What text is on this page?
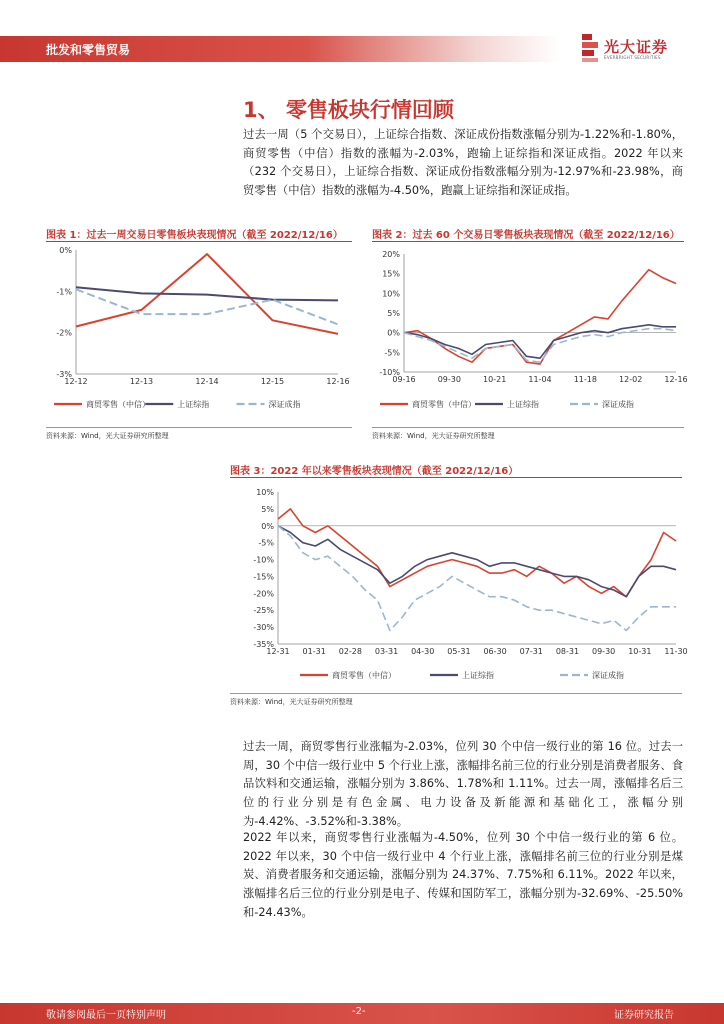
批发和零售贸易	光大证券
EVERBRIGHT SECURITIES
1、 零售板块行情回顾
过去一周（5 个交易日），上证综合指数、深证成份指数涨幅分别为-1.22%和-1.80%，商贸零售（中信）指数的涨幅为-2.03%，跑输上证综指和深证成指。2022 年以来（232 个交易日），上证综合指数、深证成份指数涨幅分别为-12.97%和-23.98%，商贸零售（中信）指数的涨幅为-4.50%，跑赢上证综指和深证成指。
图表 1：过去一周交易日零售板块表现情况（截至 2022/12/16）
0%
-1%
-2%
-3%
12-12	12-13	12-14	12-15	12-16
商贸零售（中信）	上证综指	深证成指
资料来源：Wind，光大证券研究所整理
图表 2：过去 60 个交易日零售板块表现情况（截至 2022/12/16）
20%
15%
10%
5%
0%
-5%
-10%
09-16	09-30	10-21	11-04	11-18	12-02	12-16
商贸零售（中信）	上证综指	深证成指
资料来源：Wind，光大证券研究所整理
图表 3：2022 年以来零售板块表现情况（截至 2022/12/16）
10%
5%
0%
-5%
-10%
-15%
-20%
-25%
-30%
-35%
12-31 01-31 02-28 03-31 04-30 05-31 06-30 07-31 08-31 09-30 10-31 11-30
商贸零售（中信）	上证综指	深证成指
资料来源：Wind，光大证券研究所整理
过去一周，商贸零售行业涨幅为-2.03%，位列 30 个中信一级行业的第 16 位。过去一周，30 个中信一级行业中 5 个行业上涨，涨幅排名前三位的行业分别是消费者服务、食品饮料和交通运输，涨幅分别为 3.86%、1.78%和 1.11%。过去一周，涨幅排名后三位的行业分别是有色金属、电力设备及新能源和基础化工，涨幅分别为-4.42%、-3.52%和-3.38%。
2022 年以来，商贸零售行业涨幅为-4.50%，位列 30 个中信一级行业的第 6 位。2022 年以来，30 个中信一级行业中 4 个行业上涨，涨幅排名前三位的行业分别是煤炭、消费者服务和交通运输，涨幅分别为 24.37%、7.75%和 6.11%。2022 年以来，涨幅排名后三位的行业分别是电子、传媒和国防军工，涨幅分别为-32.69%、-25.50%和-24.43%。
敬请参阅最后一页特别声明	-2-	证券研究报告
